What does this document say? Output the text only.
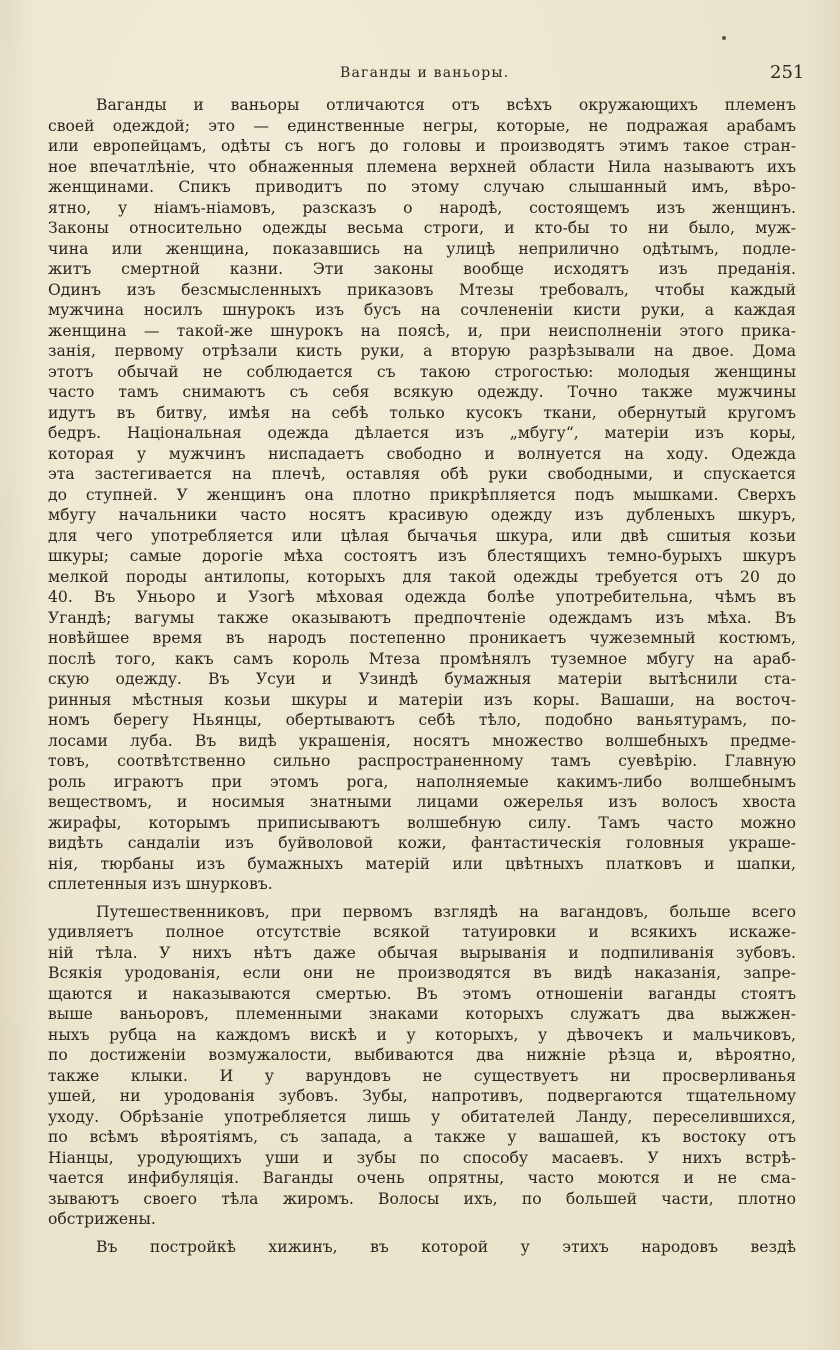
Ваганды и ваньоры.	251
Ваганды и ваньоры отличаются отъ всѣхъ окружающихъ племенъ
своей одеждой; это — единственные негры, которые, не подражая арабамъ
или европейцамъ, одѣты съ ногъ до головы и производятъ этимъ такое стран-
ное впечатлѣніе, что обнаженныя племена верхней области Нила называютъ ихъ
женщинами. Спикъ приводитъ по этому случаю слышанный имъ, вѣро-
ятно, у ніамъ-ніамовъ, разсказъ о народѣ, состоящемъ изъ женщинъ.
Законы относительно одежды весьма строги, и кто-бы то ни было, муж-
чина или женщина, показавшись на улицѣ неприлично одѣтымъ, подле-
житъ смертной казни. Эти законы вообще исходятъ изъ преданія.
Одинъ изъ безсмысленныхъ приказовъ Мтезы требовалъ, чтобы каждый
мужчина носилъ шнурокъ изъ бусъ на сочлененіи кисти руки, а каждая
женщина — такой-же шнурокъ на поясѣ, и, при неисполненіи этого прика-
занія, первому отрѣзали кисть руки, а вторую разрѣзывали на двое. Дома
этотъ обычай не соблюдается съ такою строгостью: молодыя женщины
часто тамъ снимаютъ съ себя всякую одежду. Точно также мужчины
идутъ въ битву, имѣя на себѣ только кусокъ ткани, обернутый кругомъ
бедръ. Національная одежда дѣлается изъ „мбугу“, матеріи изъ коры,
которая у мужчинъ ниспадаетъ свободно и волнуется на ходу. Одежда
эта застегивается на плечѣ, оставляя обѣ руки свободными, и спускается
до ступней. У женщинъ она плотно прикрѣпляется подъ мышками. Сверхъ
мбугу начальники часто носятъ красивую одежду изъ дубленыхъ шкуръ,
для чего употребляется или цѣлая бычачья шкура, или двѣ сшитыя козьи
шкуры; самые дорогіе мѣха состоятъ изъ блестящихъ темно-бурыхъ шкуръ
мелкой породы антилопы, которыхъ для такой одежды требуется отъ 20 до
40. Въ Уньоро и Узогѣ мѣховая одежда болѣе употребительна, чѣмъ въ
Угандѣ; вагумы также оказываютъ предпочтеніе одеждамъ изъ мѣха. Въ
новѣйшее время въ народъ постепенно проникаетъ чужеземный костюмъ,
послѣ того, какъ самъ король Мтеза промѣнялъ туземное мбугу на араб-
скую одежду. Въ Усуи и Узиндѣ бумажныя матеріи вытѣснили ста-
ринныя мѣстныя козьи шкуры и матеріи изъ коры. Вашаши, на восточ-
номъ берегу Ньянцы, обертываютъ себѣ тѣло, подобно ваньятурамъ, по-
лосами луба. Въ видѣ украшенія, носятъ множество волшебныхъ предме-
товъ, соотвѣтственно сильно распространенному тамъ суевѣрію. Главную
роль играютъ при этомъ рога, наполняемые какимъ-либо волшебнымъ
веществомъ, и носимыя знатными лицами ожерелья изъ волосъ хвоста
жирафы, которымъ приписываютъ волшебную силу. Тамъ часто можно
видѣть сандаліи изъ буйволовой кожи, фантастическія головныя украше-
нія, тюрбаны изъ бумажныхъ матерій или цвѣтныхъ платковъ и шапки,
сплетенныя изъ шнурковъ.
Путешественниковъ, при первомъ взглядѣ на вагандовъ, больше всего
удивляетъ полное отсутствіе всякой татуировки и всякихъ искаже-
ній тѣла. У нихъ нѣтъ даже обычая вырыванія и подпиливанія зубовъ.
Всякія уродованія, если они не производятся въ видѣ наказанія, запре-
щаются и наказываются смертью. Въ этомъ отношеніи ваганды стоятъ
выше ваньоровъ, племенными знаками которыхъ служатъ два выжжен-
ныхъ рубца на каждомъ вискѣ и у которыхъ, у дѣвочекъ и мальчиковъ,
по достиженіи возмужалости, выбиваются два нижніе рѣзца и, вѣроятно,
также клыки. И у варундовъ не существуетъ ни просверливанья
ушей, ни уродованія зубовъ. Зубы, напротивъ, подвергаются тщательному
уходу. Обрѣзаніе употребляется лишь у обитателей Ланду, переселившихся,
по всѣмъ вѣроятіямъ, съ запада, а также у вашашей, къ востоку отъ
Ніанцы, уродующихъ уши и зубы по способу масаевъ. У нихъ встрѣ-
чается инфибуляція. Ваганды очень опрятны, часто моются и не сма-
зываютъ своего тѣла жиромъ. Волосы ихъ, по большей части, плотно
обстрижены.
Въ постройкѣ хижинъ, въ которой у этихъ народовъ вездѣ
